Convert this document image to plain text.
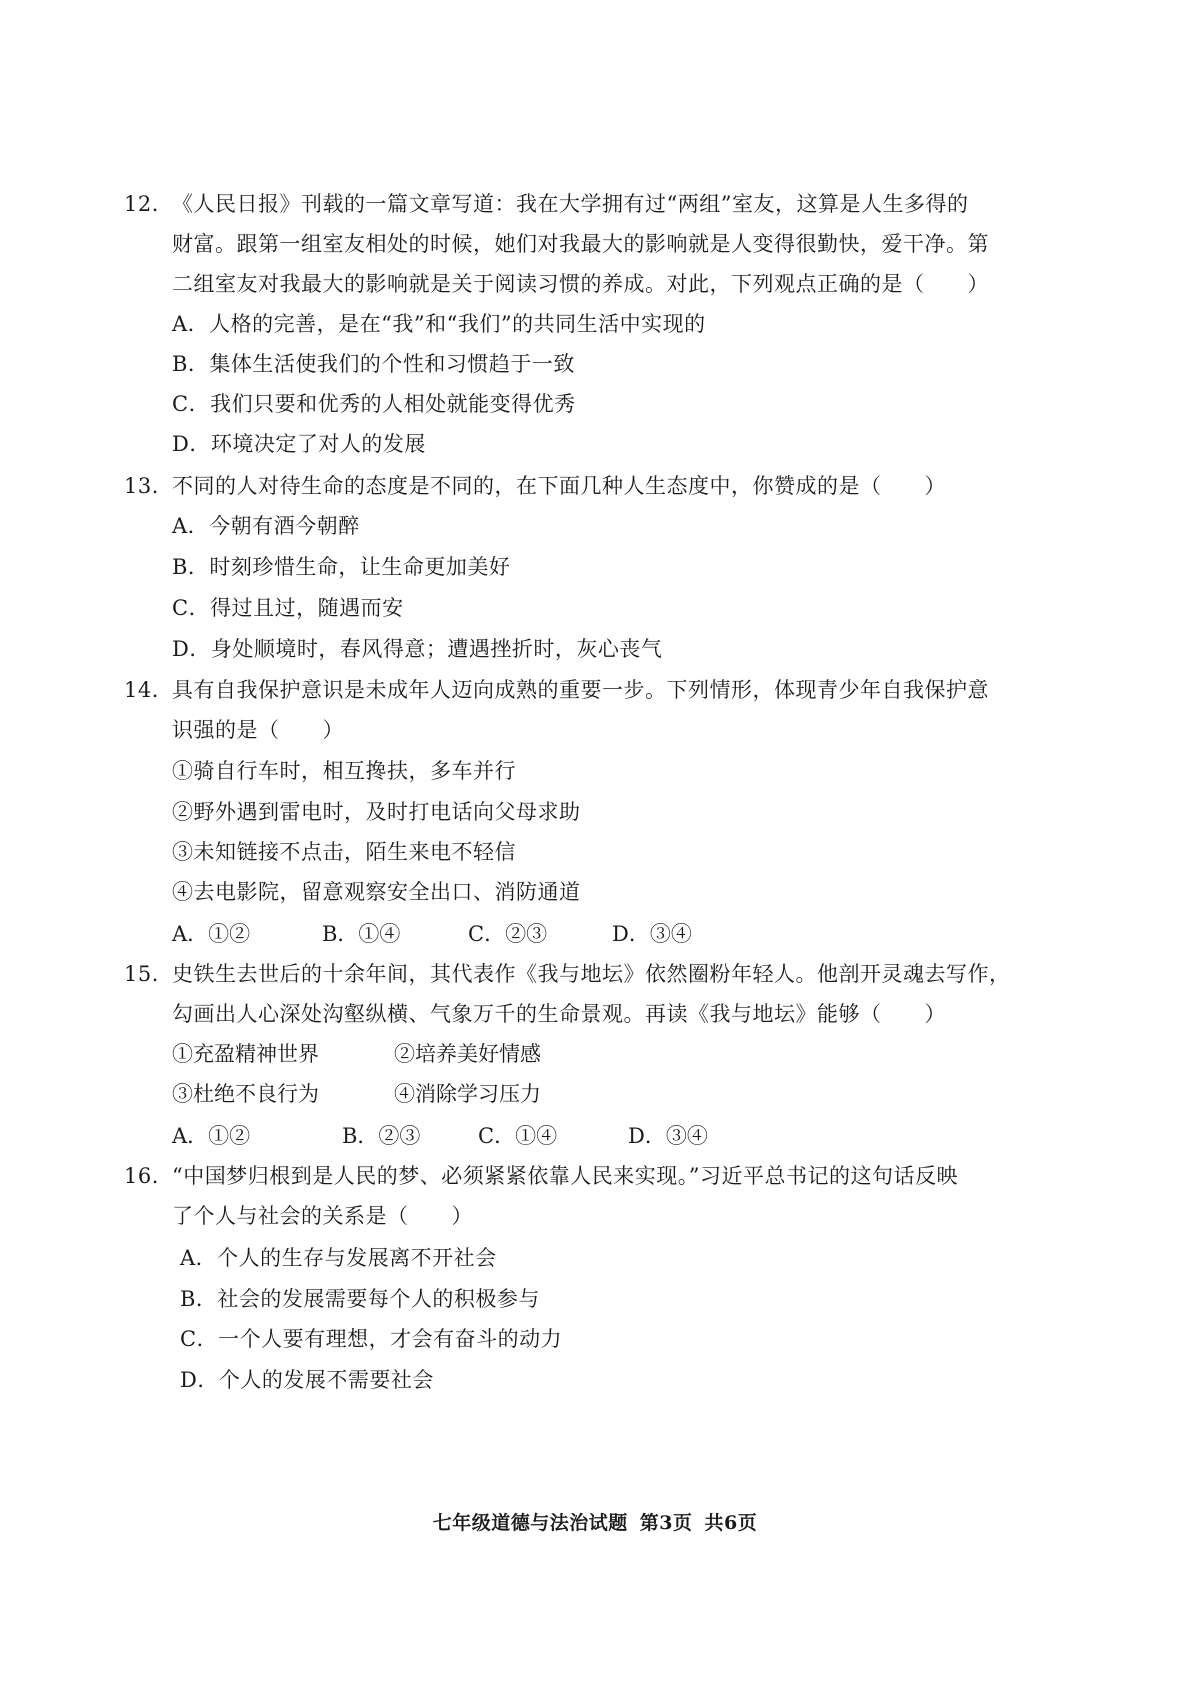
12. 《人民日报》刊载的一篇文章写道：我在大学拥有过“两组”室友，这算是人生多得的
财富。跟第一组室友相处的时候，她们对我最大的影响就是人变得很勤快，爱干净。第
二组室友对我最大的影响就是关于阅读习惯的养成。对此，下列观点正确的是（　　）
A．人格的完善，是在“我”和“我们”的共同生活中实现的
B．集体生活使我们的个性和习惯趋于一致
C．我们只要和优秀的人相处就能变得优秀
D．环境决定了对人的发展
13. 不同的人对待生命的态度是不同的，在下面几种人生态度中，你赞成的是（　　）
A．今朝有酒今朝醉
B．时刻珍惜生命，让生命更加美好
C．得过且过，随遇而安
D．身处顺境时，春风得意；遭遇挫折时，灰心丧气
14. 具有自我保护意识是未成年人迈向成熟的重要一步。下列情形，体现青少年自我保护意
识强的是（　　）
①骑自行车时，相互搀扶，多车并行
②野外遇到雷电时，及时打电话向父母求助
③未知链接不点击，陌生来电不轻信
④去电影院，留意观察安全出口、消防通道
A．①②	B．①④	C．②③	D．③④
15. 史铁生去世后的十余年间，其代表作《我与地坛》依然圈粉年轻人。他剖开灵魂去写作，
勾画出人心深处沟壑纵横、气象万千的生命景观。再读《我与地坛》能够（　　）
①充盈精神世界	②培养美好情感
③杜绝不良行为	④消除学习压力
A．①②	B．②③	C．①④	D．③④
16. “中国梦归根到是人民的梦、必须紧紧依靠人民来实现。”习近平总书记的这句话反映
了个人与社会的关系是（　　）
A．个人的生存与发展离不开社会
B．社会的发展需要每个人的积极参与
C．一个人要有理想，才会有奋斗的动力
D．个人的发展不需要社会
七年级道德与法治试题 第3页 共6页
